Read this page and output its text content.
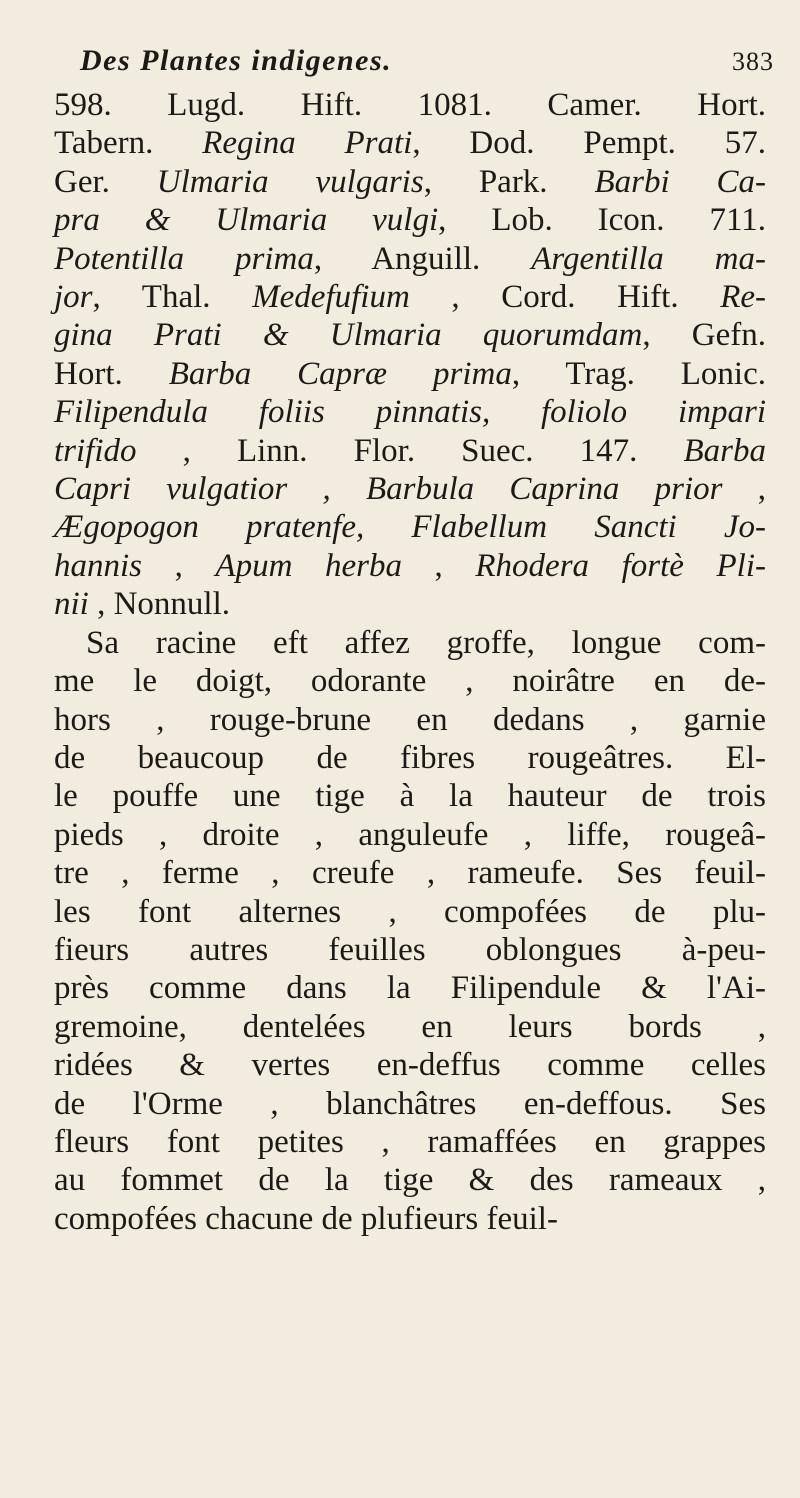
Des Plantes indigenes.	383

598. Lugd. Hift. 1081. Camer. Hort.
Tabern. Regina Prati, Dod. Pempt. 57.
Ger. Ulmaria vulgaris, Park. Barbi Ca-
pra & Ulmaria vulgi, Lob. Icon. 711.
Potentilla prima, Anguill. Argentilla ma-
jor, Thal. Medefufium , Cord. Hift. Re-
gina Prati & Ulmaria quorumdam, Gefn.
Hort. Barba Capræ prima, Trag. Lonic.
Filipendula foliis pinnatis, foliolo impari
trifido , Linn. Flor. Suec. 147. Barba
Capri vulgatior , Barbula Caprina prior ,
Ægopogon pratenfe, Flabellum Sancti Jo-
hannis , Apum herba , Rhodera fortè Pli-
nii , Nonnull.

Sa racine eft affez groffe, longue com-
me le doigt, odorante , noirâtre en de-
hors , rouge-brune en dedans , garnie
de beaucoup de fibres rougeâtres. El-
le pouffe une tige à la hauteur de trois
pieds , droite , anguleufe , liffe, rougeâ-
tre , ferme , creufe , rameufe. Ses feuil-
les font alternes , compofées de plu-
fieurs autres feuilles oblongues à-peu-
près comme dans la Filipendule & l'Ai-
gremoine, dentelées en leurs bords ,
ridées & vertes en-deffus comme celles
de l'Orme , blanchâtres en-deffous. Ses
fleurs font petites , ramaffées en grappes
au fommet de la tige & des rameaux ,
compofées chacune de plufieurs feuil-
